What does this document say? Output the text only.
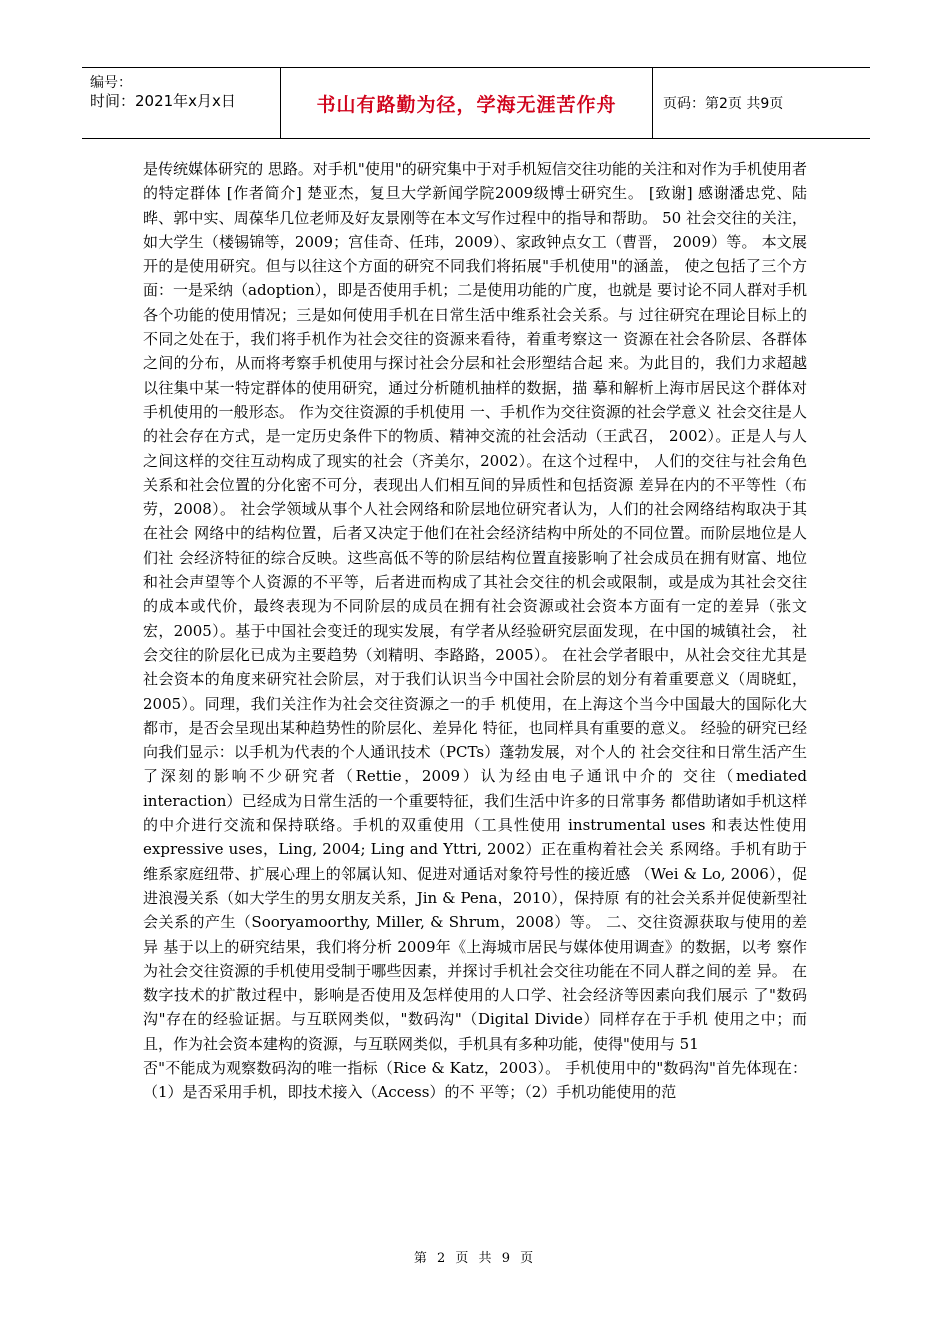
编号：
时间：2021年x月x日	书山有路勤为径，学海无涯苦作舟	页码：第2页 共9页

是传统媒体研究的 思路。对手机"使用"的研究集中于对手机短信交往功能的关注和对作为手机使用者的特定群体 [作者简介] 楚亚杰，复旦大学新闻学院2009级博士研究生。 [致谢] 感谢潘忠党、陆晔、郭中实、周葆华几位老师及好友景刚等在本文写作过程中的指导和帮助。 50 社会交往的关注，如大学生（楼锡锦等，2009；宫佳奇、任玮，2009）、家政钟点女工（曹晋， 2009）等。 本文展开的是使用研究。但与以往这个方面的研究不同我们将拓展"手机使用"的涵盖， 使之包括了三个方面：一是采纳（adoption），即是否使用手机；二是使用功能的广度，也就是 要讨论不同人群对手机各个功能的使用情况；三是如何使用手机在日常生活中维系社会关系。与 过往研究在理论目标上的不同之处在于，我们将手机作为社会交往的资源来看待，着重考察这一 资源在社会各阶层、各群体之间的分布，从而将考察手机使用与探讨社会分层和社会形塑结合起 来。为此目的，我们力求超越以往集中某一特定群体的使用研究，通过分析随机抽样的数据，描 摹和解析上海市居民这个群体对手机使用的一般形态。 作为交往资源的手机使用 一、手机作为交往资源的社会学意义 社会交往是人的社会存在方式，是一定历史条件下的物质、精神交流的社会活动（王武召， 2002）。正是人与人之间这样的交往互动构成了现实的社会（齐美尔，2002）。在这个过程中， 人们的交往与社会角色关系和社会位置的分化密不可分，表现出人们相互间的异质性和包括资源 差异在内的不平等性（布劳，2008）。 社会学领域从事个人社会网络和阶层地位研究者认为，人们的社会网络结构取决于其在社会 网络中的结构位置，后者又决定于他们在社会经济结构中所处的不同位置。而阶层地位是人们社 会经济特征的综合反映。这些高低不等的阶层结构位置直接影响了社会成员在拥有财富、地位和社会声望等个人资源的不平等，后者进而构成了其社会交往的机会或限制，或是成为其社会交往 的成本或代价，最终表现为不同阶层的成员在拥有社会资源或社会资本方面有一定的差异（张文 宏，2005）。基于中国社会变迁的现实发展，有学者从经验研究层面发现，在中国的城镇社会， 社会交往的阶层化已成为主要趋势（刘精明、李路路，2005）。 在社会学者眼中，从社会交往尤其是社会资本的角度来研究社会阶层，对于我们认识当今中国社会阶层的划分有着重要意义（周晓虹，2005）。同理，我们关注作为社会交往资源之一的手 机使用，在上海这个当今中国最大的国际化大都市，是否会呈现出某种趋势性的阶层化、差异化 特征，也同样具有重要的意义。 经验的研究已经向我们显示：以手机为代表的个人通讯技术（PCTs）蓬勃发展，对个人的 社会交往和日常生活产生了深刻的影响不少研究者（Rettie，2009）认为经由电子通讯中介的 交往（mediated interaction）已经成为日常生活的一个重要特征，我们生活中许多的日常事务 都借助诸如手机这样的中介进行交流和保持联络。手机的双重使用（工具性使用 instrumental uses 和表达性使用 expressive uses，Ling, 2004; Ling and Yttri, 2002）正在重构着社会关 系网络。手机有助于维系家庭纽带、扩展心理上的邻属认知、促进对通话对象符号性的接近感 （Wei & Lo, 2006），促进浪漫关系（如大学生的男女朋友关系，Jin & Pena，2010），保持原 有的社会关系并促使新型社会关系的产生（Sooryamoorthy, Miller, & Shrum，2008）等。 二、交往资源获取与使用的差异 基于以上的研究结果，我们将分析 2009年《上海城市居民与媒体使用调查》的数据，以考 察作为社会交往资源的手机使用受制于哪些因素，并探讨手机社会交往功能在不同人群之间的差 异。 在数字技术的扩散过程中，影响是否使用及怎样使用的人口学、社会经济等因素向我们展示 了"数码沟"存在的经验证据。与互联网类似，"数码沟"（Digital Divide）同样存在于手机 使用之中；而且，作为社会资本建构的资源，与互联网类似，手机具有多种功能，使得"使用与 51

否"不能成为观察数码沟的唯一指标（Rice & Katz，2003）。 手机使用中的"数码沟"首先体现在：（1）是否采用手机，即技术接入（Access）的不 平等；（2）手机功能使用的范

第 2 页 共 9 页
